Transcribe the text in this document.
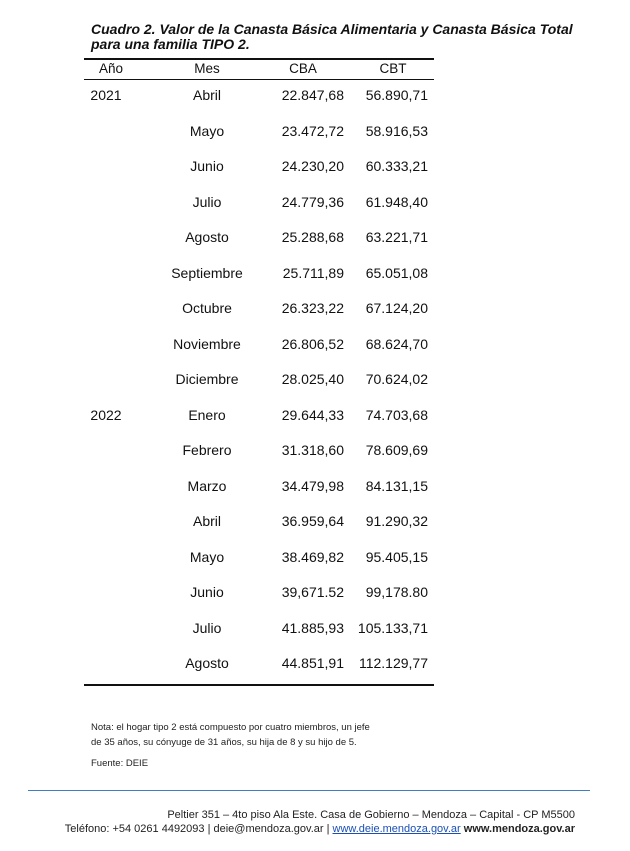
Cuadro 2. Valor de la Canasta Básica Alimentaria y Canasta Básica Total
para una familia TIPO 2.
Año	Mes	CBA	CBT
2021	Abril	22.847,68	56.890,71
Mayo	23.472,72	58.916,53
Junio	24.230,20	60.333,21
Julio	24.779,36	61.948,40
Agosto	25.288,68	63.221,71
Septiembre	25.711,89	65.051,08
Octubre	26.323,22	67.124,20
Noviembre	26.806,52	68.624,70
Diciembre	28.025,40	70.624,02
2022	Enero	29.644,33	74.703,68
Febrero	31.318,60	78.609,69
Marzo	34.479,98	84.131,15
Abril	36.959,64	91.290,32
Mayo	38.469,82	95.405,15
Junio	39,671.52	99,178.80
Julio	41.885,93 105.133,71
Agosto	44.851,91	112.129,77
Nota: el hogar tipo 2 está compuesto por cuatro miembros, un jefe
de 35 años, su cónyuge de 31 años, su hija de 8 y su hijo de 5.
Fuente: DEIE
Peltier 351 – 4to piso Ala Este. Casa de Gobierno – Mendoza – Capital - CP M5500
Teléfono: +54 0261 4492093 | deie@mendoza.gov.ar | www.deie.mendoza.gov.ar www.mendoza.gov.ar
